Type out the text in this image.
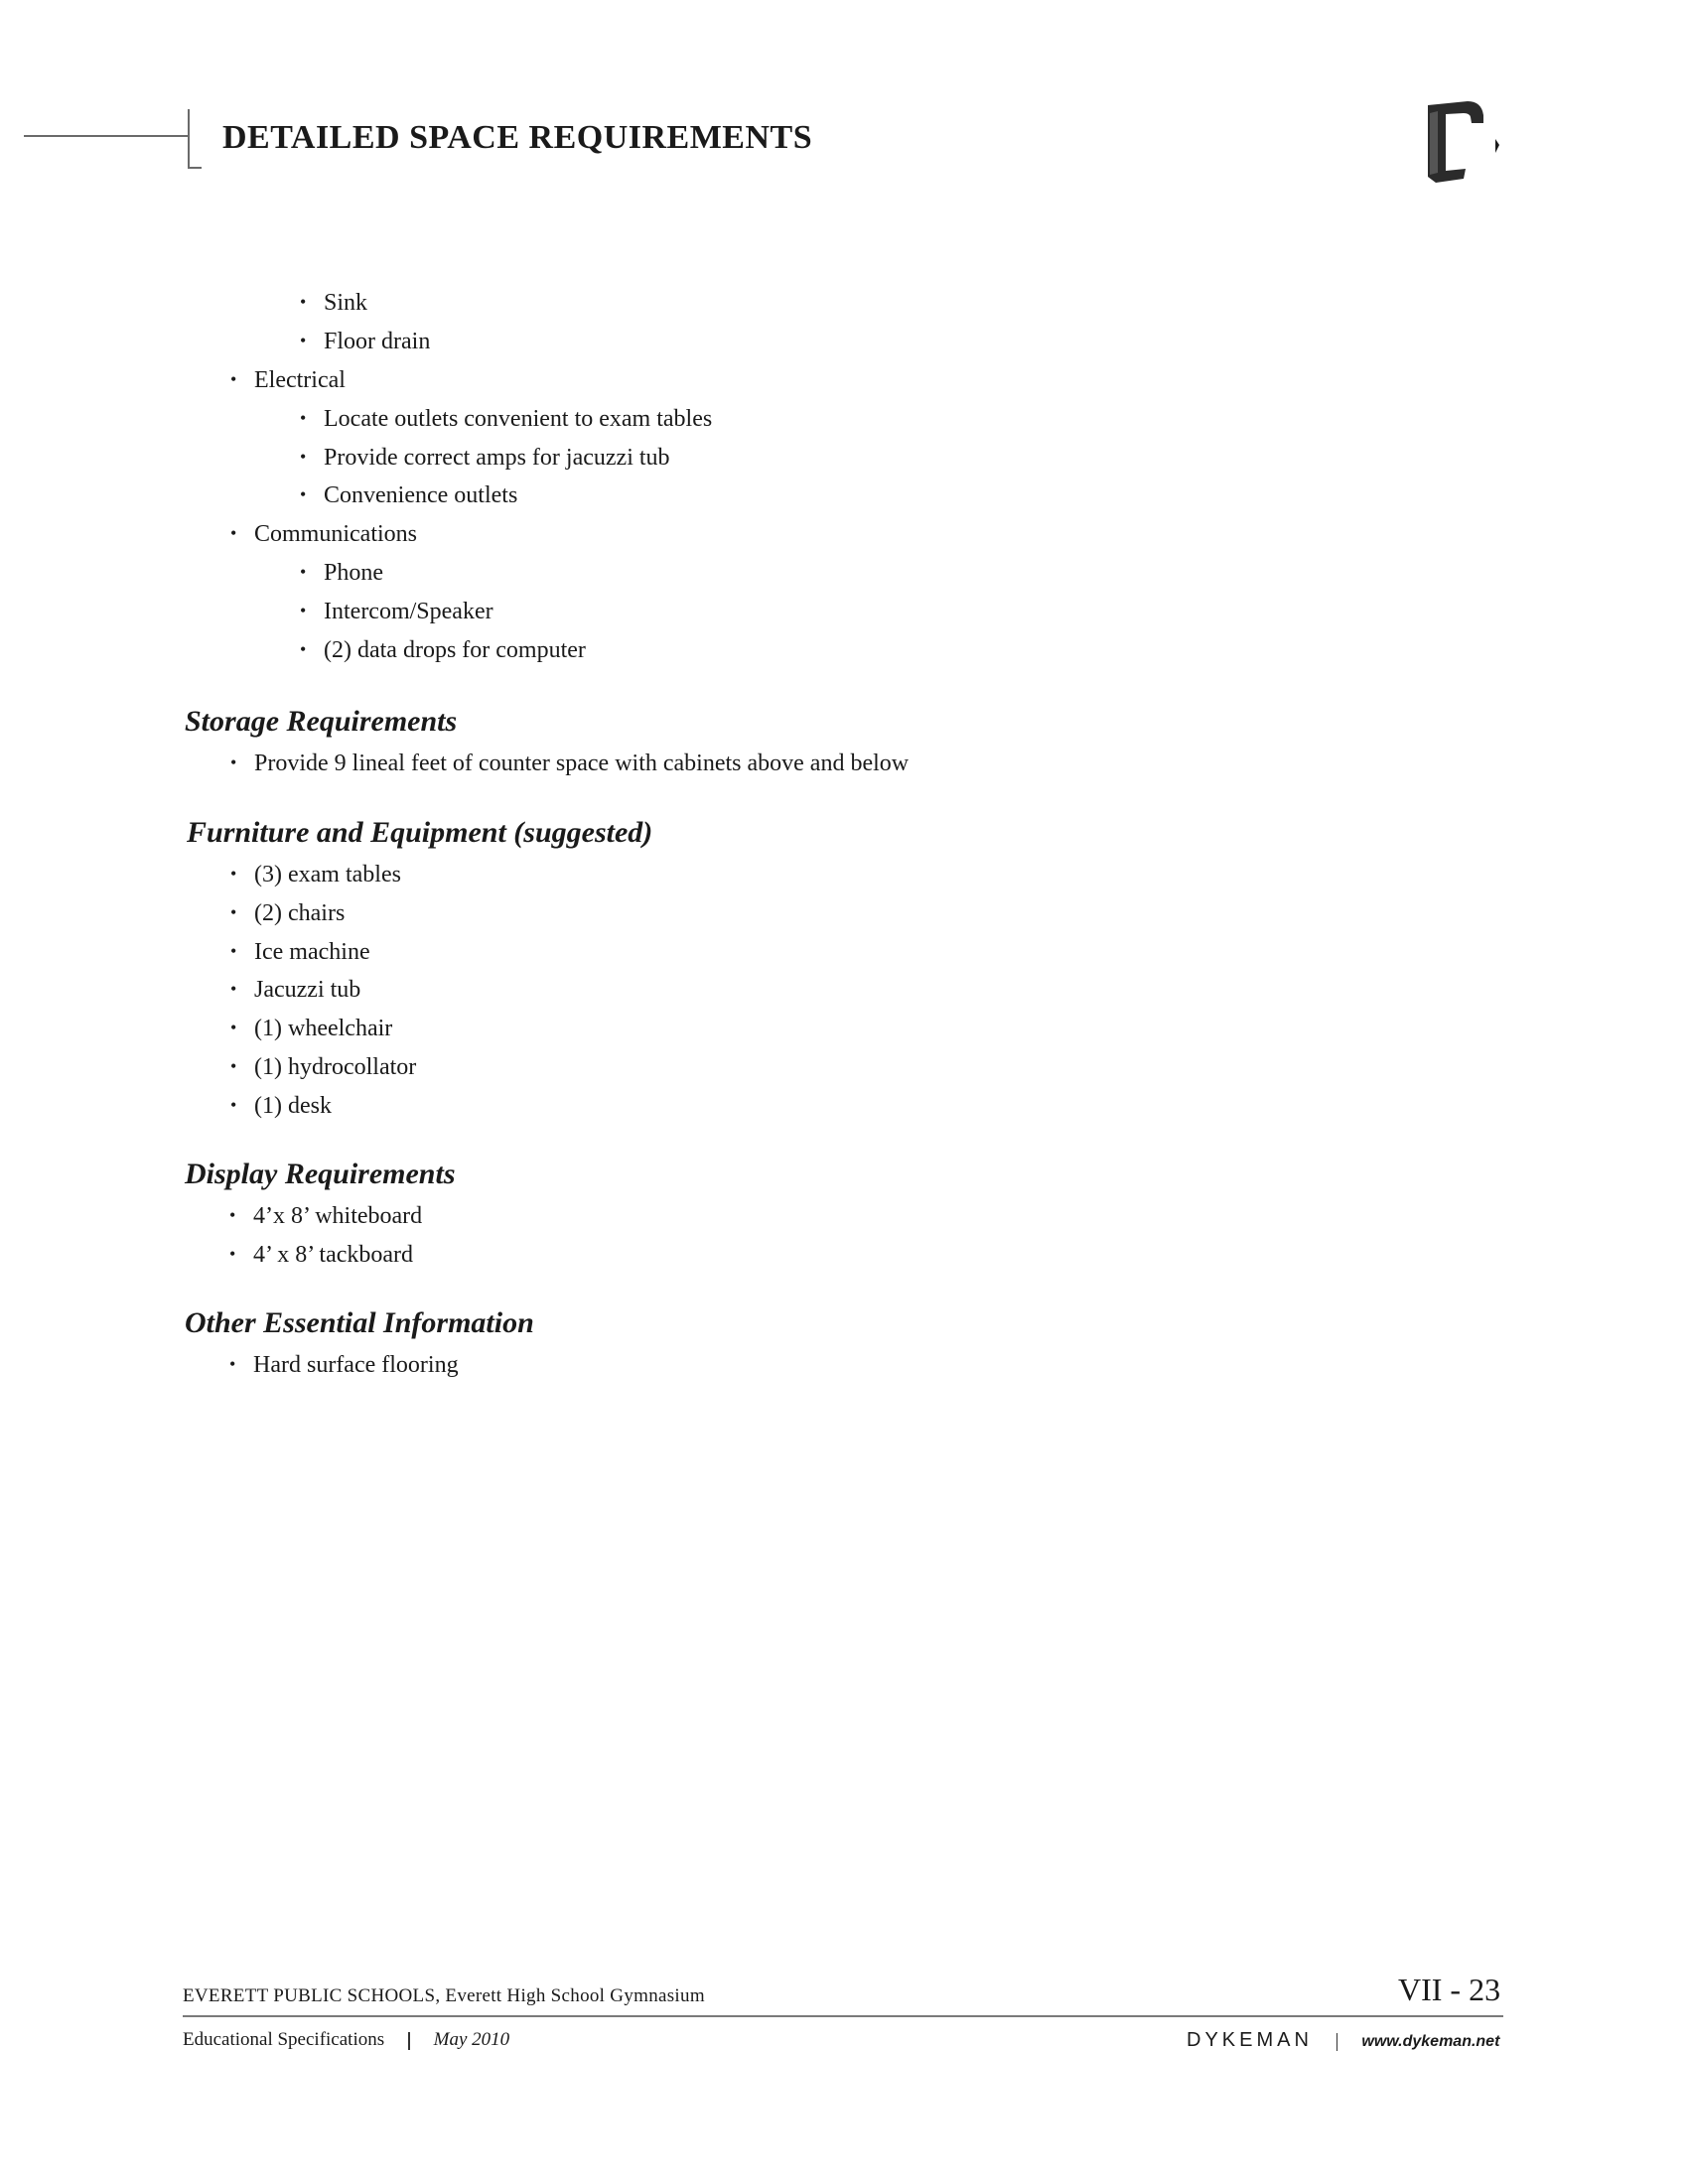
DETAILED SPACE REQUIREMENTS
• Sink
• Floor drain
• Electrical
• Locate outlets convenient to exam tables
• Provide correct amps for jacuzzi tub
• Convenience outlets
• Communications
• Phone
• Intercom/Speaker
• (2) data drops for computer
Storage Requirements
• Provide 9 lineal feet of counter space with cabinets above and below
Furniture and Equipment (suggested)
• (3) exam tables
• (2) chairs
• Ice machine
• Jacuzzi tub
• (1) wheelchair
• (1) hydrocollator
• (1) desk
Display Requirements
• 4’x 8’ whiteboard
• 4’ x 8’ tackboard
Other Essential Information
• Hard surface flooring
EVERETT PUBLIC SCHOOLS, Everett High School Gymnasium	VII - 23
Educational Specifications	May 2010	DYKEMAN	www.dykeman.net
